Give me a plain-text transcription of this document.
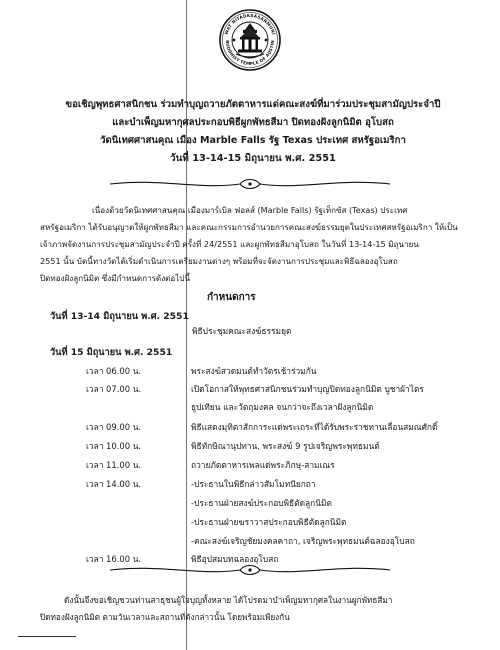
WAT NITADKSASANMUNI
BUDDHIST TEMPLE OF AUSTIN
ขอเชิญพุทธศาสนิกชน ร่วมทำบุญถวายภัตตาหารแด่คณะสงฆ์ที่มาร่วมประชุมสามัญประจำปี
และบำเพ็ญมหากุศลประกอบพิธีผูกพัทธสีมา ปิดทองฝังลูกนิมิต อุโบสถ
วัดนิเทศศาสนคุณ เมือง Marble Falls รัฐ Texas ประเทศ สหรัฐอเมริกา
วันที่ 13-14-15 มิถุนายน พ.ศ. 2551
เนื่องด้วยวัดนิเทศศาสนคุณ เมืองมาร์เบิล ฟอลส์ (Marble Falls) รัฐเท็กซัส (Texas) ประเทศ
สหรัฐอเมริกา ได้รับอนุญาตให้ผูกพัทธสีมา และคณะกรรมการอำนวยการคณะสงฆ์ธรรมยุตในประเทศสหรัฐอเมริกา ให้เป็น
เจ้าภาพจัดงานการประชุมสามัญประจำปี ครั้งที่ 24/2551 และผูกพัทธสีมาอุโบสถ ในวันที่ 13-14-15 มิถุนายน
2551 นั้น บัดนี้ทางวัดได้เริ่มดำเนินการเตรียมงานต่างๆ พร้อมที่จะจัดงานการประชุมและพิธีฉลองอุโบสถ
ปิดทองฝังลูกนิมิต ซึ่งมีกำหนดการดังต่อไปนี้
กำหนดการ
วันที่ 13-14 มิถุนายน พ.ศ. 2551
พิธีประชุมคณะสงฆ์ธรรมยุต
วันที่ 15 มิถุนายน พ.ศ. 2551
เวลา 06.00 น.	พระสงฆ์สวดมนต์ทำวัตรเช้าร่วมกัน
เวลา 07.00 น.	เปิดโอกาสให้พุทธศาสนิกชนร่วมทำบุญปิดทองลูกนิมิต บูชาผ้าไตร
ธูปเทียน และวัตถุมงคล จนกว่าจะถึงเวลาฝังลูกนิมิต
เวลา 09.00 น.	พิธีแสดงมุทิตาสักการะแด่พระเถระที่ได้รับพระราชทานเลื่อนสมณศักดิ์
เวลา 10.00 น.	พิธีทักษิณานุปทาน, พระสงฆ์ 9 รูปเจริญพระพุทธมนต์
เวลา 11.00 น.	ถวายภัตตาหารเพลแด่พระภิกษุ-สามเณร
เวลา 14.00 น.	-ประธานในพิธีกล่าวสัมโมทนียกถา
-ประธานฝ่ายสงฆ์ประกอบพิธีตัดลูกนิมิต
-ประธานฝ่ายฆราวาสประกอบพิธีตัดลูกนิมิต
-คณะสงฆ์เจริญชัยมงคลคาถา, เจริญพระพุทธมนต์ฉลองอุโบสถ
เวลา 16.00 น.	พิธีอุปสมบทฉลองอุโบสถ
ดังนั้นจึงขอเชิญชวนท่านสาธุชนผู้ใจบุญทั้งหลาย ได้โปรดมาบำเพ็ญมหากุศลในงานผูกพัทธสีมา
ปิดทองฝังลูกนิมิต ตามวันเวลาและสถานที่ดังกล่าวนั้น โดยพร้อมเพียงกัน
